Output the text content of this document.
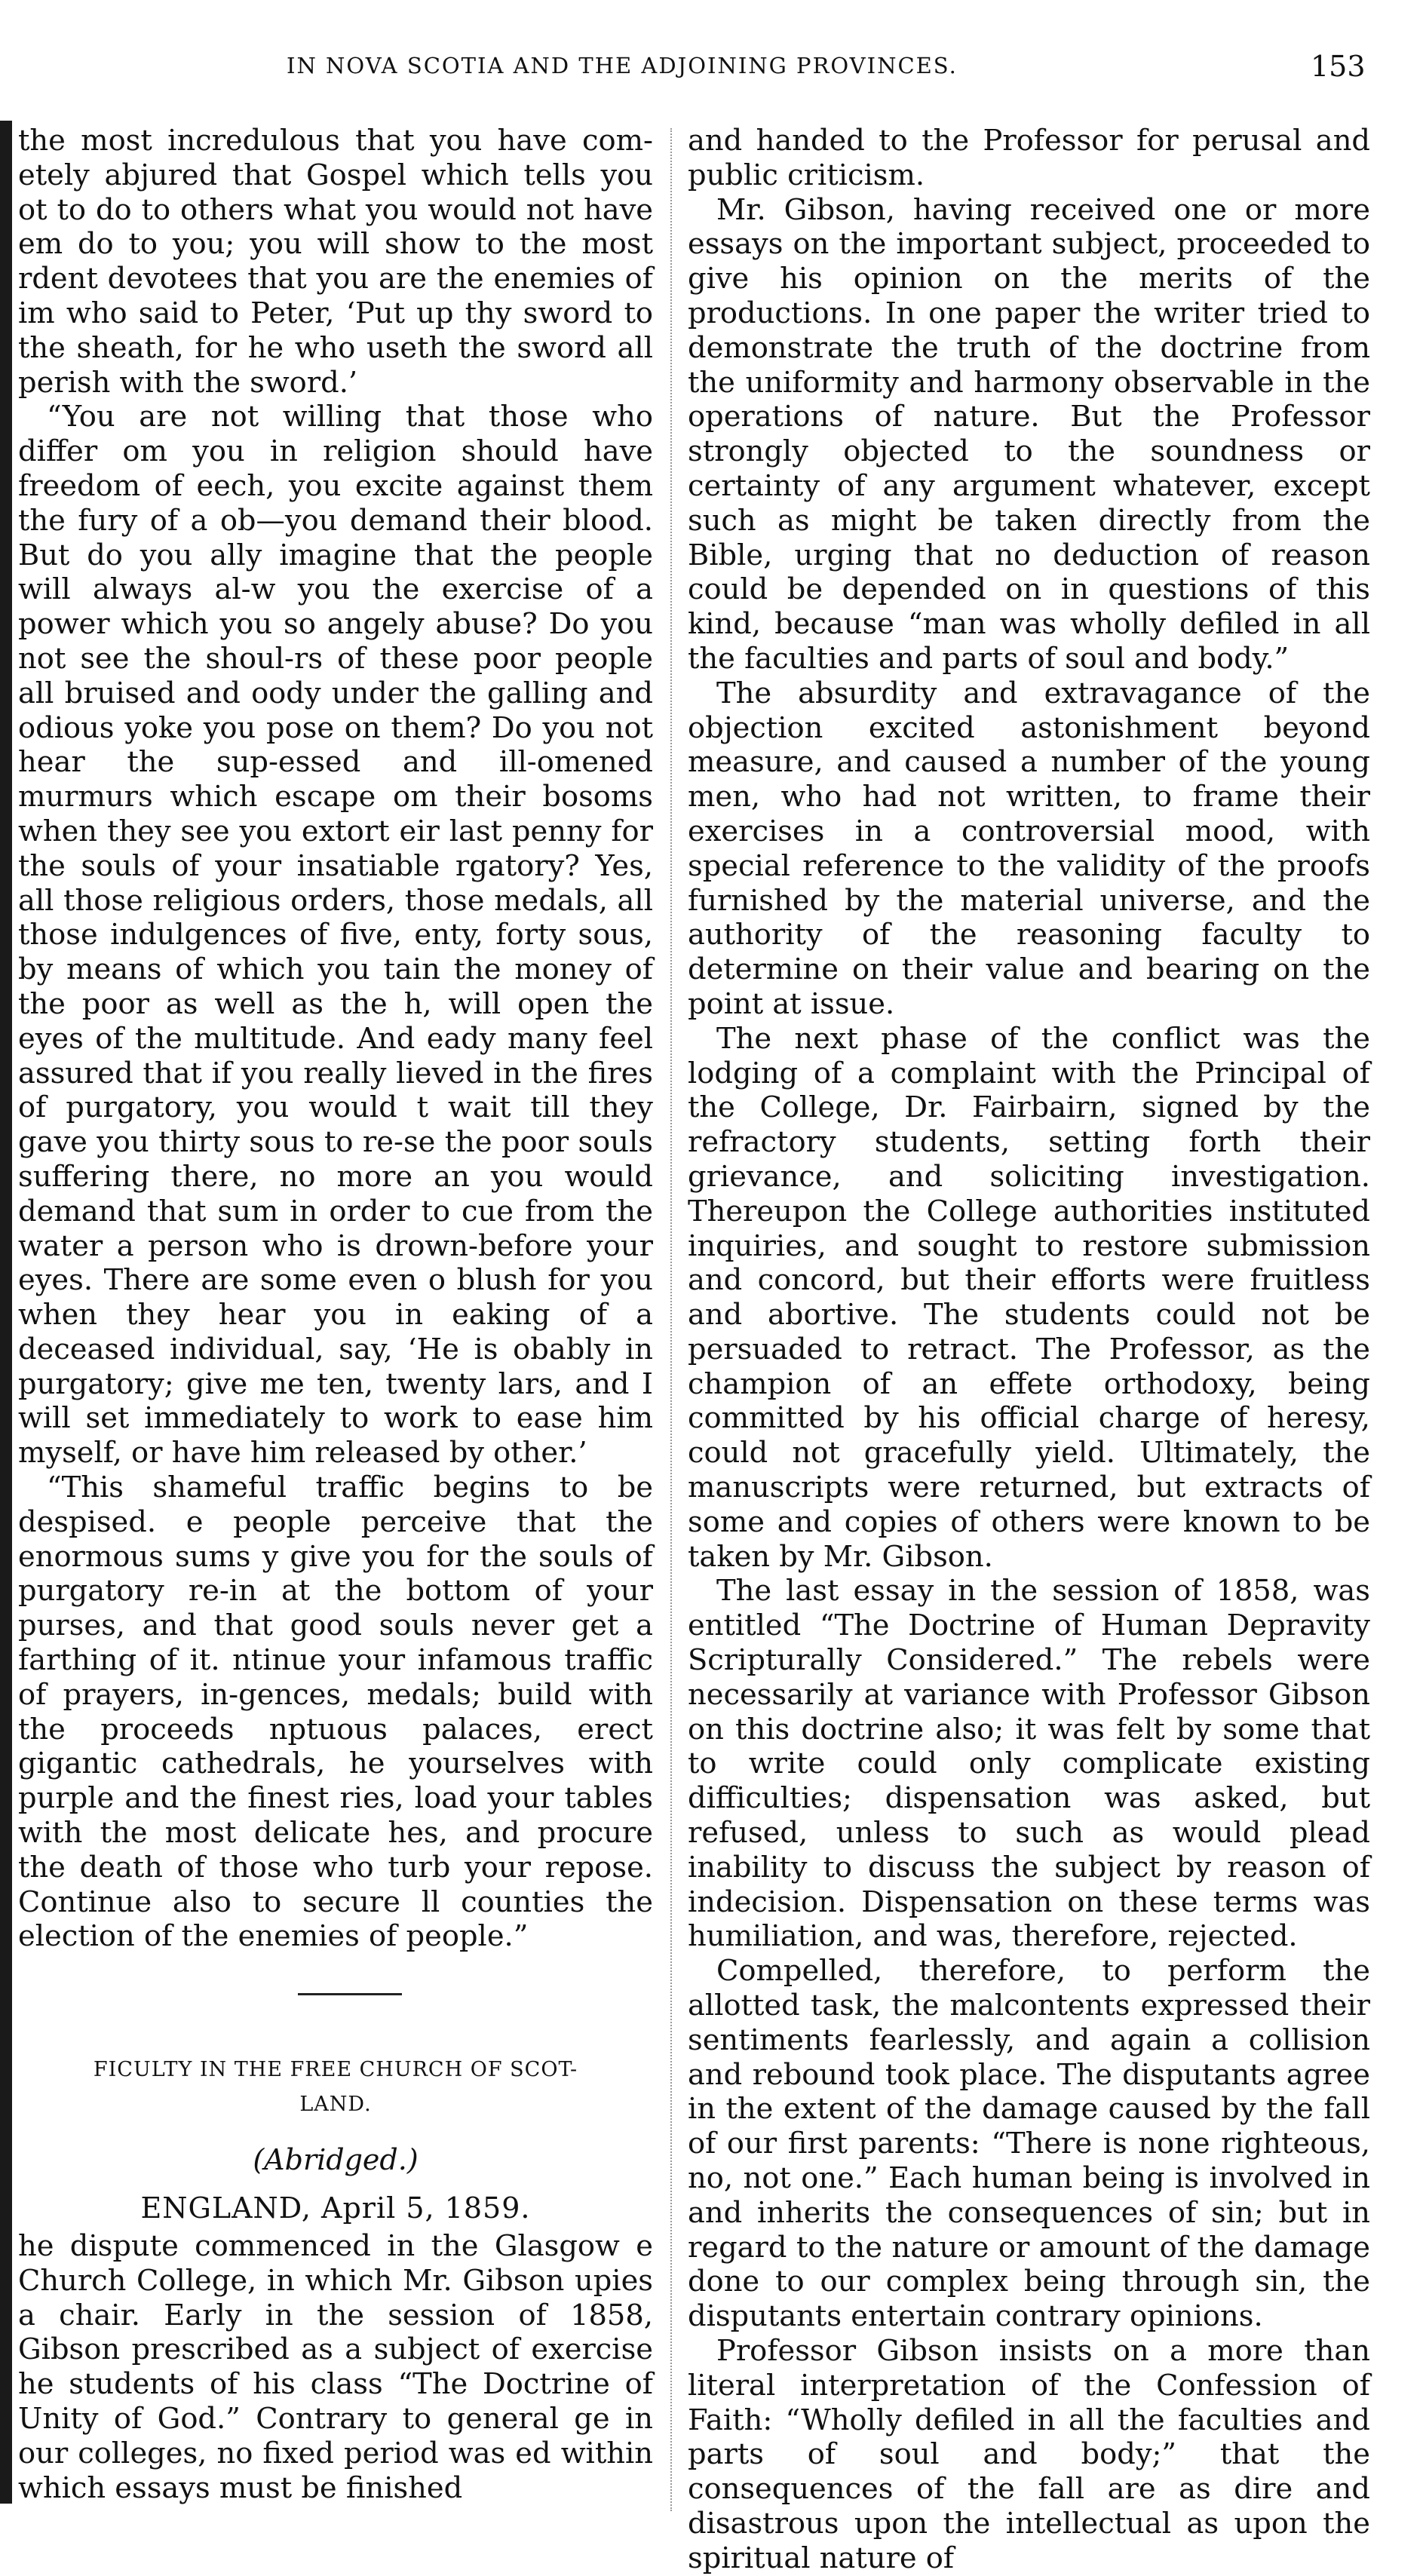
IN NOVA SCOTIA AND THE ADJOINING PROVINCES.	153

the most incredulous that you have com-etely abjured that Gospel which tells you ot to do to others what you would not have em do to you; you will show to the most rdent devotees that you are the enemies of im who said to Peter, ‘Put up thy sword to the sheath, for he who useth the sword all perish with the sword.’

“You are not willing that those who differ om you in religion should have freedom of eech, you excite against them the fury of a ob—you demand their blood. But do you ally imagine that the people will always al-w you the exercise of a power which you so angely abuse? Do you not see the shoul-rs of these poor people all bruised and oody under the galling and odious yoke you pose on them? Do you not hear the sup-essed and ill-omened murmurs which escape om their bosoms when they see you extort eir last penny for the souls of your insatiable rgatory? Yes, all those religious orders, those medals, all those indulgences of five, enty, forty sous, by means of which you tain the money of the poor as well as the h, will open the eyes of the multitude. And eady many feel assured that if you really lieved in the fires of purgatory, you would t wait till they gave you thirty sous to re-se the poor souls suffering there, no more an you would demand that sum in order to cue from the water a person who is drown-before your eyes. There are some even o blush for you when they hear you in eaking of a deceased individual, say, ‘He is obably in purgatory; give me ten, twenty lars, and I will set immediately to work to ease him myself, or have him released by other.’

“This shameful traffic begins to be despised. e people perceive that the enormous sums y give you for the souls of purgatory re-in at the bottom of your purses, and that good souls never get a farthing of it. ntinue your infamous traffic of prayers, in-gences, medals; build with the proceeds nptuous palaces, erect gigantic cathedrals, he yourselves with purple and the finest ries, load your tables with the most delicate hes, and procure the death of those who turb your repose. Continue also to secure ll counties the election of the enemies of people.”

FICULTY IN THE FREE CHURCH OF SCOT-
LAND.
(Abridged.)
ENGLAND, April 5, 1859.

he dispute commenced in the Glasgow e Church College, in which Mr. Gibson upies a chair. Early in the session of 1858, Gibson prescribed as a subject of exercise he students of his class “The Doctrine of Unity of God.” Contrary to general ge in our colleges, no fixed period was ed within which essays must be finished

and handed to the Professor for perusal and public criticism.

Mr. Gibson, having received one or more essays on the important subject, proceeded to give his opinion on the merits of the productions. In one paper the writer tried to demonstrate the truth of the doctrine from the uniformity and harmony observable in the operations of nature. But the Professor strongly objected to the soundness or certainty of any argument whatever, except such as might be taken directly from the Bible, urging that no deduction of reason could be depended on in questions of this kind, because “man was wholly defiled in all the faculties and parts of soul and body.”

The absurdity and extravagance of the objection excited astonishment beyond measure, and caused a number of the young men, who had not written, to frame their exercises in a controversial mood, with special reference to the validity of the proofs furnished by the material universe, and the authority of the reasoning faculty to determine on their value and bearing on the point at issue.

The next phase of the conflict was the lodging of a complaint with the Principal of the College, Dr. Fairbairn, signed by the refractory students, setting forth their grievance, and soliciting investigation. Thereupon the College authorities instituted inquiries, and sought to restore submission and concord, but their efforts were fruitless and abortive. The students could not be persuaded to retract. The Professor, as the champion of an effete orthodoxy, being committed by his official charge of heresy, could not gracefully yield. Ultimately, the manuscripts were returned, but extracts of some and copies of others were known to be taken by Mr. Gibson.

The last essay in the session of 1858, was entitled “The Doctrine of Human Depravity Scripturally Considered.” The rebels were necessarily at variance with Professor Gibson on this doctrine also; it was felt by some that to write could only complicate existing difficulties; dispensation was asked, but refused, unless to such as would plead inability to discuss the subject by reason of indecision. Dispensation on these terms was humiliation, and was, therefore, rejected.

Compelled, therefore, to perform the allotted task, the malcontents expressed their sentiments fearlessly, and again a collision and rebound took place. The disputants agree in the extent of the damage caused by the fall of our first parents: “There is none righteous, no, not one.” Each human being is involved in and inherits the consequences of sin; but in regard to the nature or amount of the damage done to our complex being through sin, the disputants entertain contrary opinions.

Professor Gibson insists on a more than literal interpretation of the Confession of Faith: “Wholly defiled in all the faculties and parts of soul and body;” that the consequences of the fall are as dire and disastrous upon the intellectual as upon the spiritual nature of
